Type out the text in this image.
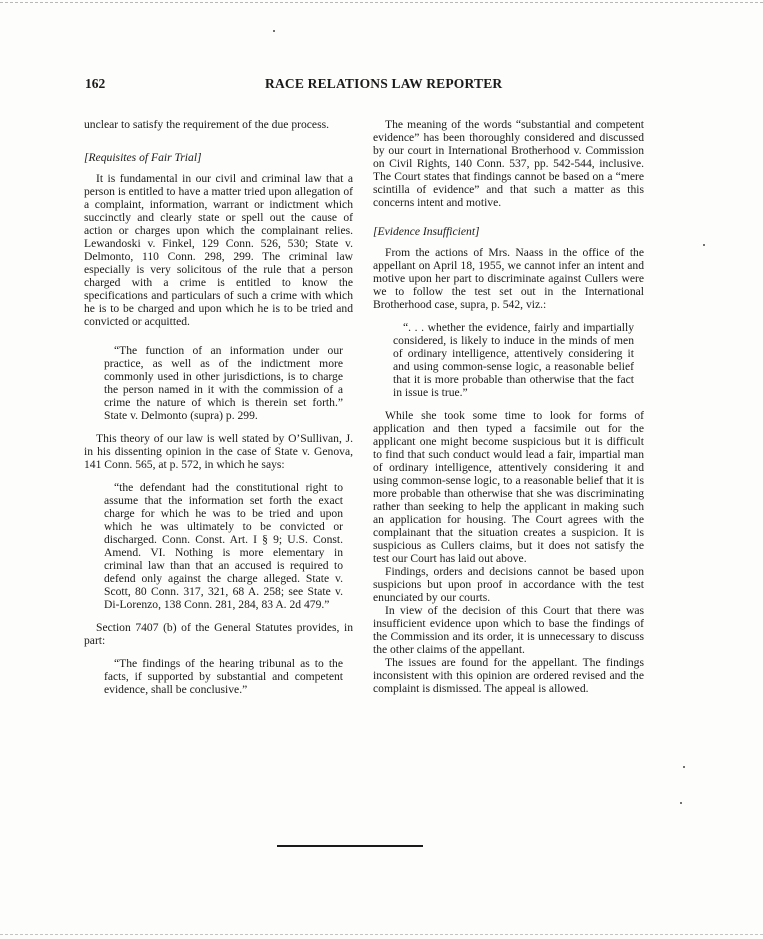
162	RACE RELATIONS LAW REPORTER

unclear to satisfy the requirement of the due process.

[Requisites of Fair Trial]

It is fundamental in our civil and criminal law that a person is entitled to have a matter tried upon allegation of a complaint, information, warrant or indictment which succinctly and clearly state or spell out the cause of action or charges upon which the complainant relies. Lewandoski v. Finkel, 129 Conn. 526, 530; State v. Delmonto, 110 Conn. 298, 299. The criminal law especially is very solicitous of the rule that a person charged with a crime is entitled to know the specifications and particulars of such a crime with which he is to be charged and upon which he is to be tried and convicted or acquitted.

“The function of an information under our practice, as well as of the indictment more commonly used in other jurisdictions, is to charge the person named in it with the commission of a crime the nature of which is therein set forth.” State v. Delmonto (supra) p. 299.

This theory of our law is well stated by O’Sullivan, J. in his dissenting opinion in the case of State v. Genova, 141 Conn. 565, at p. 572, in which he says:

“the defendant had the constitutional right to assume that the information set forth the exact charge for which he was to be tried and upon which he was ultimately to be convicted or discharged. Conn. Const. Art. I § 9; U.S. Const. Amend. VI. Nothing is more elementary in criminal law than that an accused is required to defend only against the charge alleged. State v. Scott, 80 Conn. 317, 321, 68 A. 258; see State v. Di-Lorenzo, 138 Conn. 281, 284, 83 A. 2d 479.”

Section 7407 (b) of the General Statutes provides, in part:

“The findings of the hearing tribunal as to the facts, if supported by substantial and competent evidence, shall be conclusive.”

The meaning of the words “substantial and competent evidence” has been thoroughly considered and discussed by our court in International Brotherhood v. Commission on Civil Rights, 140 Conn. 537, pp. 542-544, inclusive. The Court states that findings cannot be based on a “mere scintilla of evidence” and that such a matter as this concerns intent and motive.

[Evidence Insufficient]

From the actions of Mrs. Naass in the office of the appellant on April 18, 1955, we cannot infer an intent and motive upon her part to discriminate against Cullers were we to follow the test set out in the International Brotherhood case, supra, p. 542, viz.:

“. . . whether the evidence, fairly and impartially considered, is likely to induce in the minds of men of ordinary intelligence, attentively considering it and using common-sense logic, a reasonable belief that it is more probable than otherwise that the fact in issue is true.”

While she took some time to look for forms of application and then typed a facsimile out for the applicant one might become suspicious but it is difficult to find that such conduct would lead a fair, impartial man of ordinary intelligence, attentively considering it and using common-sense logic, to a reasonable belief that it is more probable than otherwise that she was discriminating rather than seeking to help the applicant in making such an application for housing. The Court agrees with the complainant that the situation creates a suspicion. It is suspicious as Cullers claims, but it does not satisfy the test our Court has laid out above.

Findings, orders and decisions cannot be based upon suspicions but upon proof in accordance with the test enunciated by our courts.

In view of the decision of this Court that there was insufficient evidence upon which to base the findings of the Commission and its order, it is unnecessary to discuss the other claims of the appellant.

The issues are found for the appellant. The findings inconsistent with this opinion are ordered revised and the complaint is dismissed. The appeal is allowed.
